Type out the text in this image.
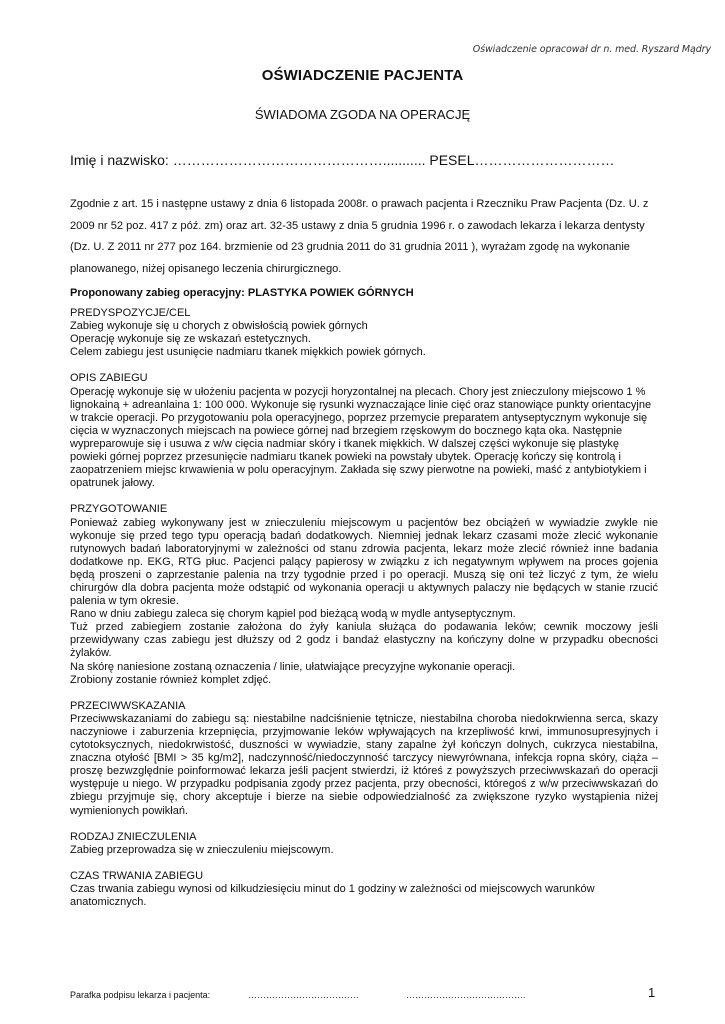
Oświadczenie opracował dr n. med. Ryszard Mądry
OŚWIADCZENIE PACJENTA
ŚWIADOMA ZGODA NA OPERACJĘ
Imię i nazwisko: ………………………………………........... PESEL…………………………
Zgodnie z art. 15 i następne ustawy z dnia 6 listopada 2008r. o prawach pacjenta i Rzeczniku Praw Pacjenta (Dz. U. z 2009 nr 52 poz. 417 z póź. zm) oraz art. 32-35 ustawy z dnia 5 grudnia 1996 r. o zawodach lekarza i lekarza dentysty (Dz. U. Z 2011 nr 277 poz 164. brzmienie od 23 grudnia 2011 do 31 grudnia 2011 ), wyrażam zgodę na wykonanie planowanego, niżej opisanego leczenia chirurgicznego.
Proponowany zabieg operacyjny: PLASTYKA POWIEK GÓRNYCH
PREDYSPOZYCJE/CEL

Zabieg wykonuje się u chorych z obwisłością powiek górnych

Operację wykonuje się ze wskazań estetycznych.

Celem zabiegu jest usunięcie nadmiaru tkanek miękkich powiek górnych.

OPIS ZABIEGU

Operację wykonuje się w ułożeniu pacjenta w pozycji horyzontalnej na plecach. Chory jest znieczulony miejscowo 1 % lignokainą + adreanlaina 1: 100 000. Wykonuje się rysunki wyznaczające linie cięć oraz stanowiące punkty orientacyjne w trakcie operacji. Po przygotowaniu pola operacyjnego, poprzez przemycie preparatem antyseptycznym wykonuje się cięcia w wyznaczonych miejscach na powiece górnej nad brzegiem rzęskowym do bocznego kąta oka. Następnie wypreparowuje się i usuwa z w/w cięcia nadmiar skóry i tkanek miękkich. W dalszej części wykonuje się plastykę powieki górnej poprzez przesunięcie nadmiaru tkanek powieki na powstały ubytek. Operację kończy się kontrolą i zaopatrzeniem miejsc krwawienia w polu operacyjnym. Zakłada się szwy pierwotne na powieki, maść z antybiotykiem i opatrunek jałowy.

PRZYGOTOWANIE

Ponieważ zabieg wykonywany jest w znieczuleniu miejscowym u pacjentów bez obciążeń w wywiadzie zwykle nie wykonuje się przed tego typu operacją badań dodatkowych. Niemniej jednak lekarz czasami może zlecić wykonanie rutynowych badań laboratoryjnymi w zależności od stanu zdrowia pacjenta, lekarz może zlecić również inne badania dodatkowe np. EKG, RTG płuc. Pacjenci palący papierosy w związku z ich negatywnym wpływem na proces gojenia będą proszeni o zaprzestanie palenia na trzy tygodnie przed i po operacji. Muszą się oni też liczyć z tym, że wielu chirurgów dla dobra pacjenta może odstąpić od wykonania operacji u aktywnych palaczy nie będących w stanie rzucić palenia w tym okresie.

Rano w dniu zabiegu zaleca się chorym kąpiel pod bieżącą wodą w mydle antyseptycznym.

Tuż przed zabiegiem zostanie założona do żyły kaniula służąca do podawania leków; cewnik moczowy jeśli przewidywany czas zabiegu jest dłuższy od 2 godz i bandaż elastyczny na kończyny dolne w przypadku obecności żylaków.

Na skórę naniesione zostaną oznaczenia / linie, ułatwiające precyzyjne wykonanie operacji.

Zrobiony zostanie również komplet zdjęć.

PRZECIWWSKAZANIA

Przeciwwskazaniami do zabiegu są: niestabilne nadciśnienie tętnicze, niestabilna choroba niedokrwienna serca, skazy naczyniowe i zaburzenia krzepnięcia, przyjmowanie leków wpływających na krzepliwość krwi, immunosupresyjnych i cytotoksycznych, niedokrwistość, duszności w wywiadzie, stany zapalne żył kończyn dolnych, cukrzyca niestabilna, znaczna otyłość [BMI > 35 kg/m2], nadczynność/niedoczynność tarczycy niewyrównana, infekcja ropna skóry, ciąża – proszę bezwzględnie poinformować lekarza jeśli pacjent stwierdzi, iż któreś z powyższych przeciwwskazań do operacji występuje u niego. W przypadku podpisania zgody przez pacjenta, przy obecności, któregoś z w/w przeciwwskazań do zbiegu przyjmuje się, chory akceptuje i bierze na siebie odpowiedzialność za zwiększone ryzyko wystąpienia niżej wymienionych powikłań.

RODZAJ ZNIECZULENIA

Zabieg przeprowadza się w znieczuleniu miejscowym.

CZAS TRWANIA ZABIEGU

Czas trwania zabiegu wynosi od kilkudziesięciu minut do 1 godziny w zależności od miejscowych warunków anatomicznych.

Parafka podpisu lekarza i pacjenta:	……………………………….	………………………………….	1
